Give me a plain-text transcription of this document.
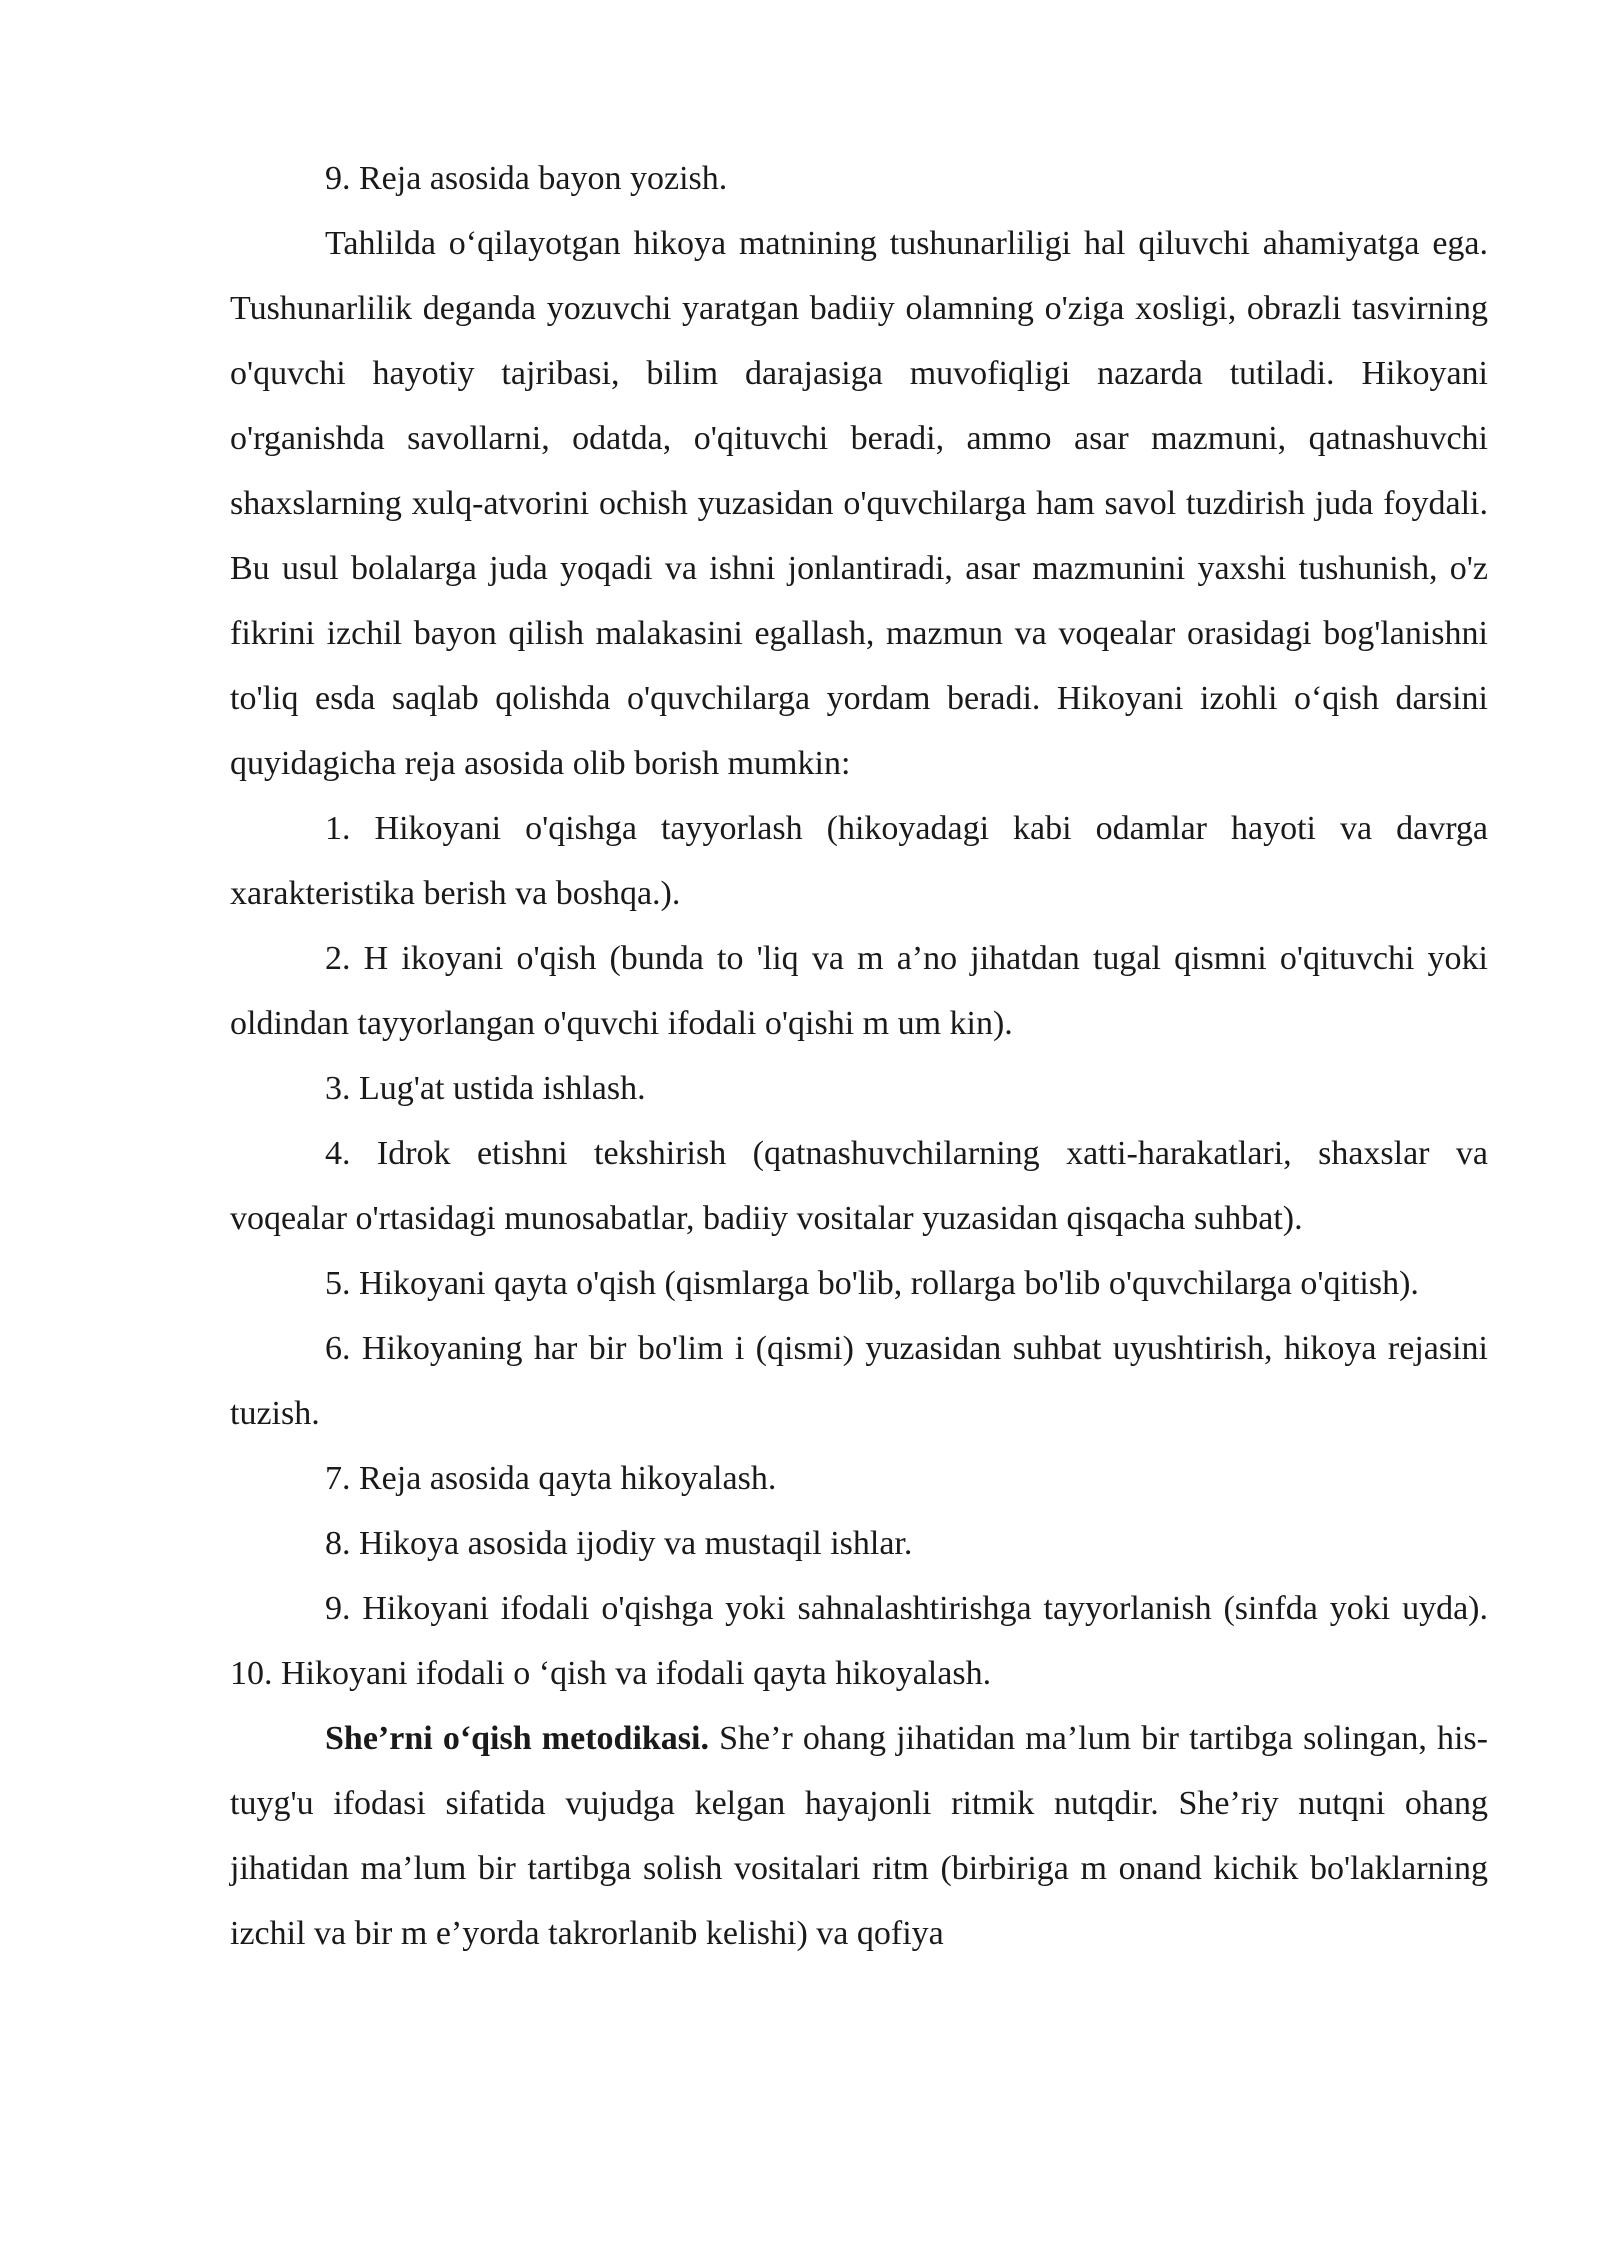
9. Reja asosida bayon yozish.

Tahlilda o‘qilayotgan hikoya matnining tushunarliligi hal qiluvchi ahamiyatga ega. Tushunarlilik deganda yozuvchi yaratgan badiiy olamning o'ziga xosligi, obrazli tasvirning o'quvchi hayotiy tajribasi, bilim darajasiga muvofiqligi nazarda tutiladi. Hikoyani o'rganishda savollarni, odatda, o'qituvchi beradi, ammo asar mazmuni, qatnashuvchi shaxslarning xulq-atvorini ochish yuzasidan o'quvchilarga ham savol tuzdirish juda foydali. Bu usul bolalarga juda yoqadi va ishni jonlantiradi, asar mazmunini yaxshi tushunish, o'z fikrini izchil bayon qilish malakasini egallash, mazmun va voqealar orasidagi bog'lanishni to'liq esda saqlab qolishda o'quvchilarga yordam beradi. Hikoyani izohli o‘qish darsini quyidagicha reja asosida olib borish mumkin:

1. Hikoyani o'qishga tayyorlash (hikoyadagi kabi odamlar hayoti va davrga xarakteristika berish va boshqa.).

2. H ikoyani o'qish (bunda to 'liq va m a’no jihatdan tugal qismni o'qituvchi yoki oldindan tayyorlangan o'quvchi ifodali o'qishi m um kin).

3. Lug'at ustida ishlash.

4. Idrok etishni tekshirish (qatnashuvchilarning xatti-harakatlari, shaxslar va voqealar o'rtasidagi munosabatlar, badiiy vositalar yuzasidan qisqacha suhbat).

5. Hikoyani qayta o'qish (qismlarga bo'lib, rollarga bo'lib o'quvchilarga o'qitish).

6. Hikoyaning har bir bo'lim i (qismi) yuzasidan suhbat uyushtirish, hikoya rejasini tuzish.

7. Reja asosida qayta hikoyalash.

8. Hikoya asosida ijodiy va mustaqil ishlar.

9. Hikoyani ifodali o'qishga yoki sahnalashtirishga tayyorlanish (sinfda yoki uyda). 10. Hikoyani ifodali o ‘qish va ifodali qayta hikoyalash.

She’rni o‘qish metodikasi. She’r ohang jihatidan ma’lum bir tartibga solingan, his-tuyg'u ifodasi sifatida vujudga kelgan hayajonli ritmik nutqdir. She’riy nutqni ohang jihatidan ma’lum bir tartibga solish vositalari ritm (birbiriga m onand kichik bo'laklarning izchil va bir m e’yorda takrorlanib kelishi) va qofiya
